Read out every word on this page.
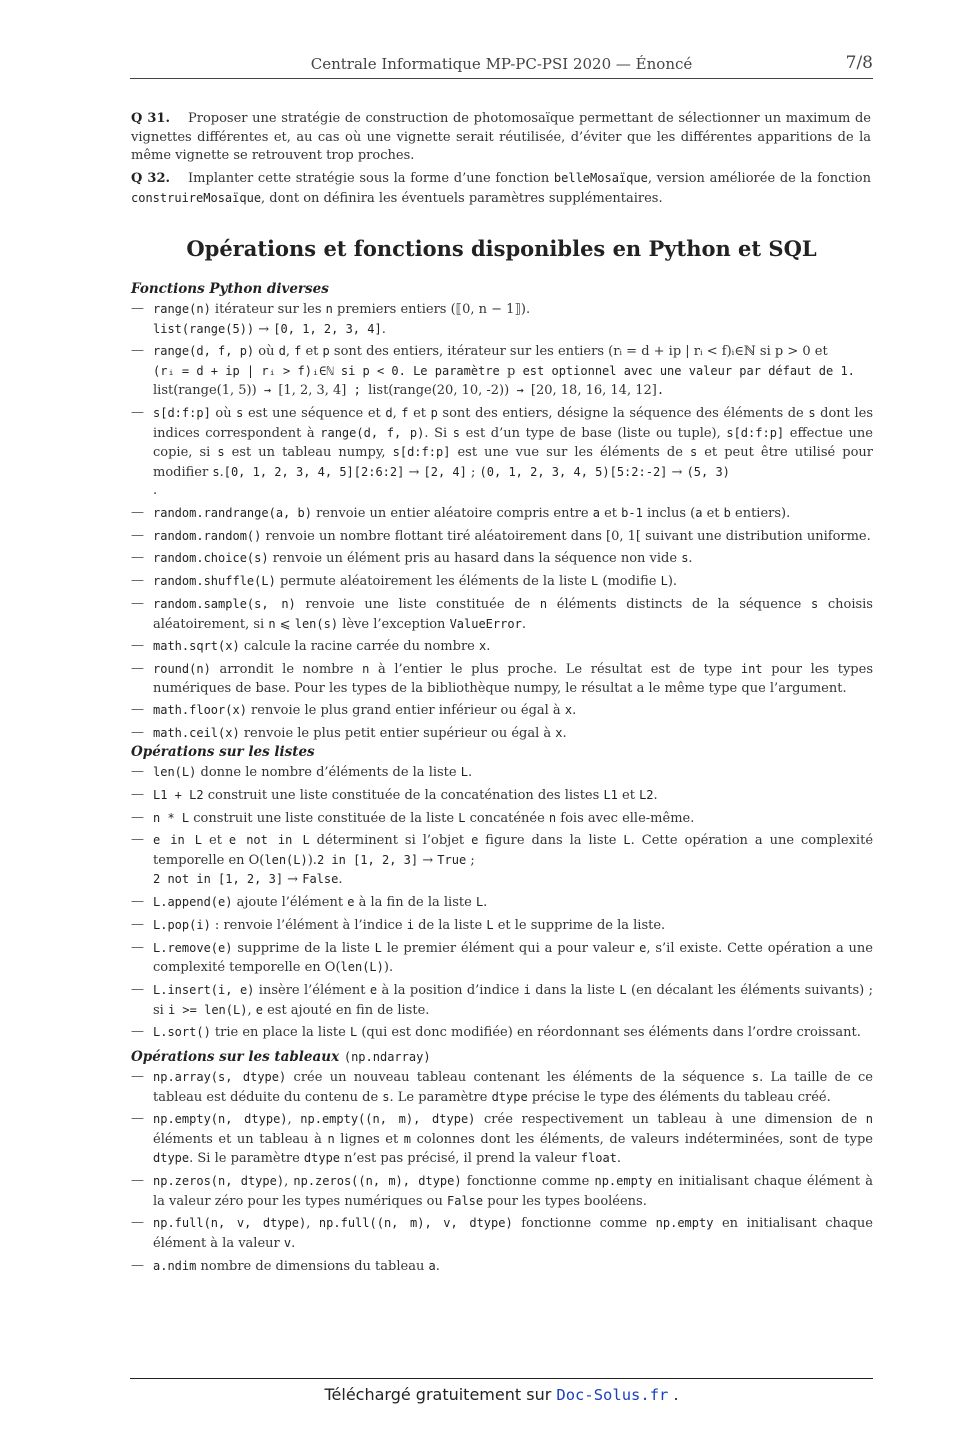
Centrale Informatique MP-PC-PSI 2020 — Énoncé	7/8
Q 31. Proposer une stratégie de construction de photomosaïque permettant de sélectionner un maximum de vignettes différentes et, au cas où une vignette serait réutilisée, d’éviter que les différentes apparitions de la même vignette se retrouvent trop proches.
Q 32. Implanter cette stratégie sous la forme d’une fonction belleMosaïque, version améliorée de la fonction construireMosaïque, dont on définira les éventuels paramètres supplémentaires.
Opérations et fonctions disponibles en Python et SQL
Fonctions Python diverses
— range(n) itérateur sur les n premiers entiers (⟦0, n − 1⟧).
list(range(5)) → [0, 1, 2, 3, 4].
— range(d, f, p) où d, f et p sont des entiers, itérateur sur les entiers (rᵢ = d + ip | rᵢ < f)ᵢ∈ℕ si p > 0 et
(rᵢ = d + ip | rᵢ > f)ᵢ∈ℕ si p < 0. Le paramètre p est optionnel avec une valeur par défaut de 1.
list(range(1, 5)) → [1, 2, 3, 4] ; list(range(20, 10, -2)) → [20, 18, 16, 14, 12].
— s[d:f:p] où s est une séquence et d, f et p sont des entiers, désigne la séquence des éléments de s dont les indices correspondent à range(d, f, p). Si s est d’un type de base (liste ou tuple), s[d:f:p] effectue une copie, si s est un tableau numpy, s[d:f:p] est une vue sur les éléments de s et peut être utilisé pour modifier s.[0, 1, 2, 3, 4, 5][2:6:2] → [2, 4] ; (0, 1, 2, 3, 4, 5)[5:2:-2] → (5, 3)
.
— random.randrange(a, b) renvoie un entier aléatoire compris entre a et b-1 inclus (a et b entiers).
— random.random() renvoie un nombre flottant tiré aléatoirement dans [0, 1[ suivant une distribution uniforme.
— random.choice(s) renvoie un élément pris au hasard dans la séquence non vide s.
— random.shuffle(L) permute aléatoirement les éléments de la liste L (modifie L).
— random.sample(s, n) renvoie une liste constituée de n éléments distincts de la séquence s choisis aléatoirement, si n ⩽ len(s) lève l’exception ValueError.
— math.sqrt(x) calcule la racine carrée du nombre x.
— round(n) arrondit le nombre n à l’entier le plus proche. Le résultat est de type int pour les types numériques de base. Pour les types de la bibliothèque numpy, le résultat a le même type que l’argument.
— math.floor(x) renvoie le plus grand entier inférieur ou égal à x.
— math.ceil(x) renvoie le plus petit entier supérieur ou égal à x.
Opérations sur les listes
— len(L) donne le nombre d’éléments de la liste L.
— L1 + L2 construit une liste constituée de la concaténation des listes L1 et L2.
— n * L construit une liste constituée de la liste L concaténée n fois avec elle-même.
— e in L et e not in L déterminent si l’objet e figure dans la liste L. Cette opération a une complexité temporelle en O(len(L)).2 in [1, 2, 3] → True ;
2 not in [1, 2, 3] → False.
— L.append(e) ajoute l’élément e à la fin de la liste L.
— L.pop(i) : renvoie l’élément à l’indice i de la liste L et le supprime de la liste.
— L.remove(e) supprime de la liste L le premier élément qui a pour valeur e, s’il existe. Cette opération a une complexité temporelle en O(len(L)).
— L.insert(i, e) insère l’élément e à la position d’indice i dans la liste L (en décalant les éléments suivants) ; si i >= len(L), e est ajouté en fin de liste.
— L.sort() trie en place la liste L (qui est donc modifiée) en réordonnant ses éléments dans l’ordre croissant.
Opérations sur les tableaux (np.ndarray)
— np.array(s, dtype) crée un nouveau tableau contenant les éléments de la séquence s. La taille de ce tableau est déduite du contenu de s. Le paramètre dtype précise le type des éléments du tableau créé.
— np.empty(n, dtype), np.empty((n, m), dtype) crée respectivement un tableau à une dimension de n éléments et un tableau à n lignes et m colonnes dont les éléments, de valeurs indéterminées, sont de type dtype. Si le paramètre dtype n’est pas précisé, il prend la valeur float.
— np.zeros(n, dtype), np.zeros((n, m), dtype) fonctionne comme np.empty en initialisant chaque élément à la valeur zéro pour les types numériques ou False pour les types booléens.
— np.full(n, v, dtype), np.full((n, m), v, dtype) fonctionne comme np.empty en initialisant chaque élément à la valeur v.
— a.ndim nombre de dimensions du tableau a.
Téléchargé gratuitement sur Doc-Solus.fr .
